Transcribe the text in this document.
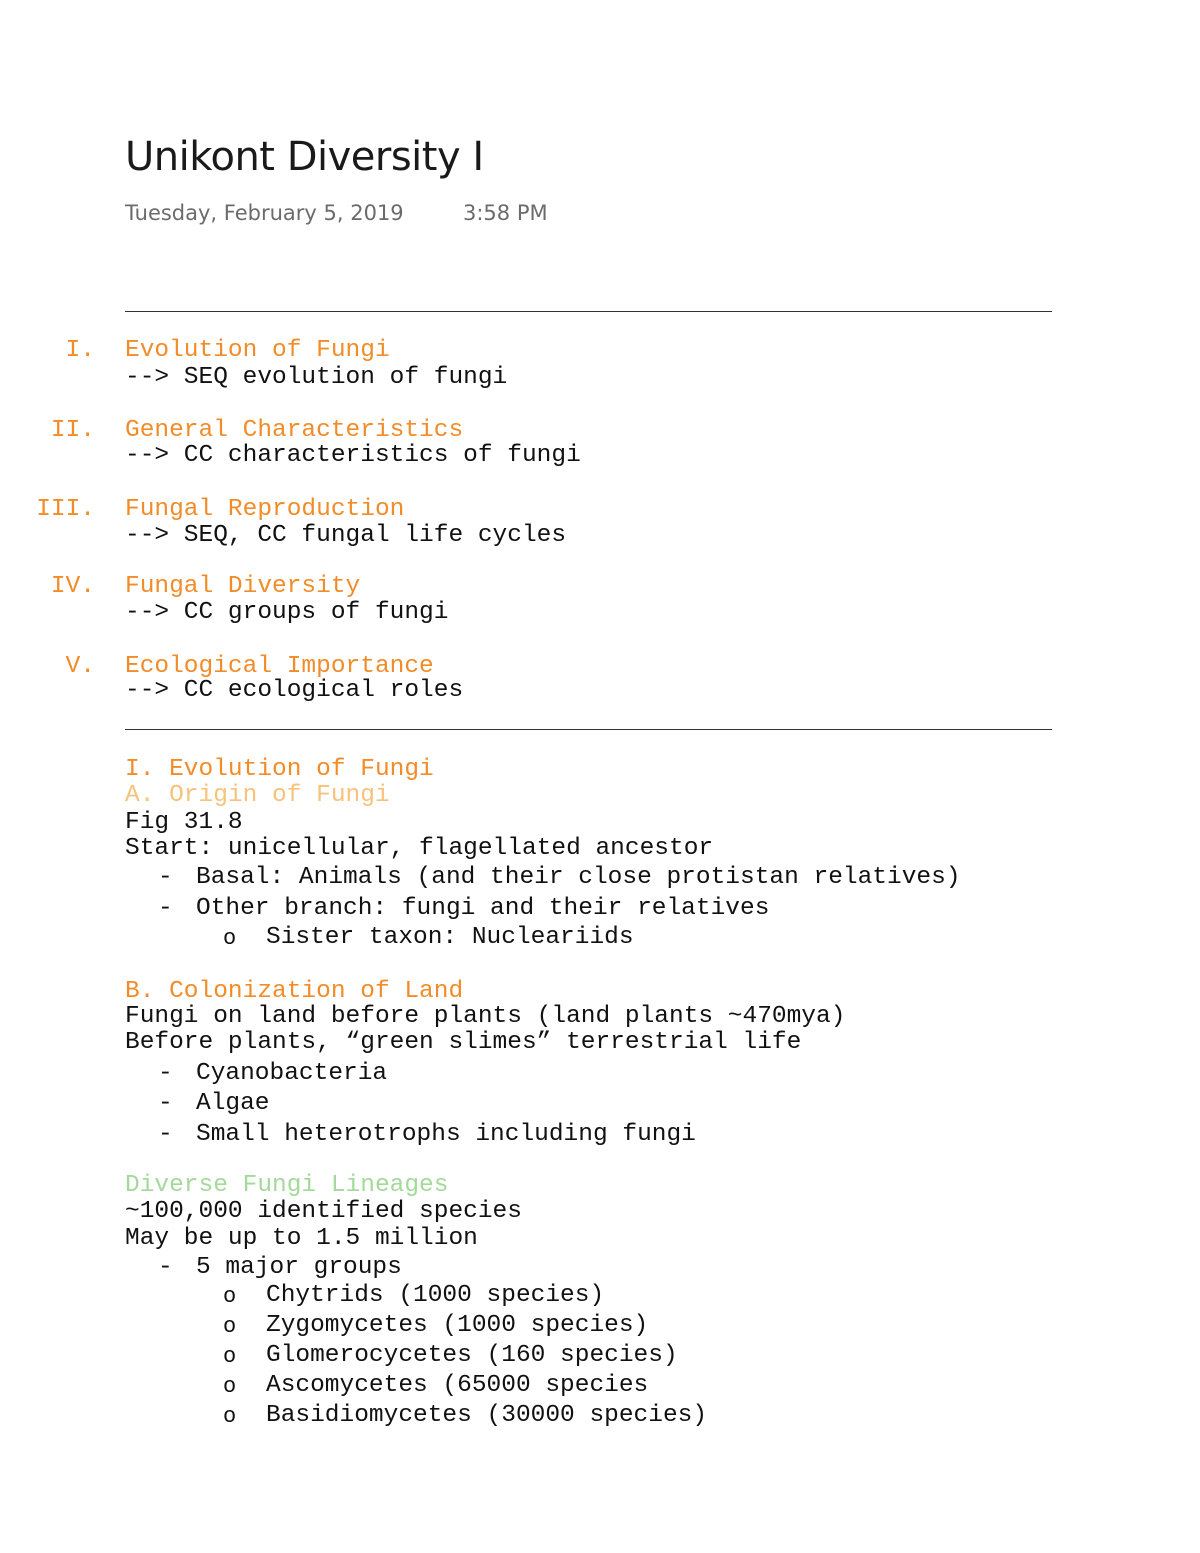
Unikont Diversity I
Tuesday, February 5, 2019	3:58 PM
I. Evolution of Fungi
--> SEQ evolution of fungi
II. General Characteristics
--> CC characteristics of fungi
III. Fungal Reproduction
--> SEQ, CC fungal life cycles
IV. Fungal Diversity
--> CC groups of fungi
V. Ecological Importance
--> CC ecological roles
I. Evolution of Fungi
A. Origin of Fungi
Fig 31.8
Start: unicellular, flagellated ancestor
- Basal: Animals (and their close protistan relatives)
- Other branch: fungi and their relatives
o Sister taxon: Nucleariids
B. Colonization of Land
Fungi on land before plants (land plants ~470mya)
Before plants, “green slimes” terrestrial life
- Cyanobacteria
- Algae
- Small heterotrophs including fungi
Diverse Fungi Lineages
~100,000 identified species
May be up to 1.5 million
- 5 major groups
o Chytrids (1000 species)
o Zygomycetes (1000 species)
o Glomerocycetes (160 species)
o Ascomycetes (65000 species
o Basidiomycetes (30000 species)
